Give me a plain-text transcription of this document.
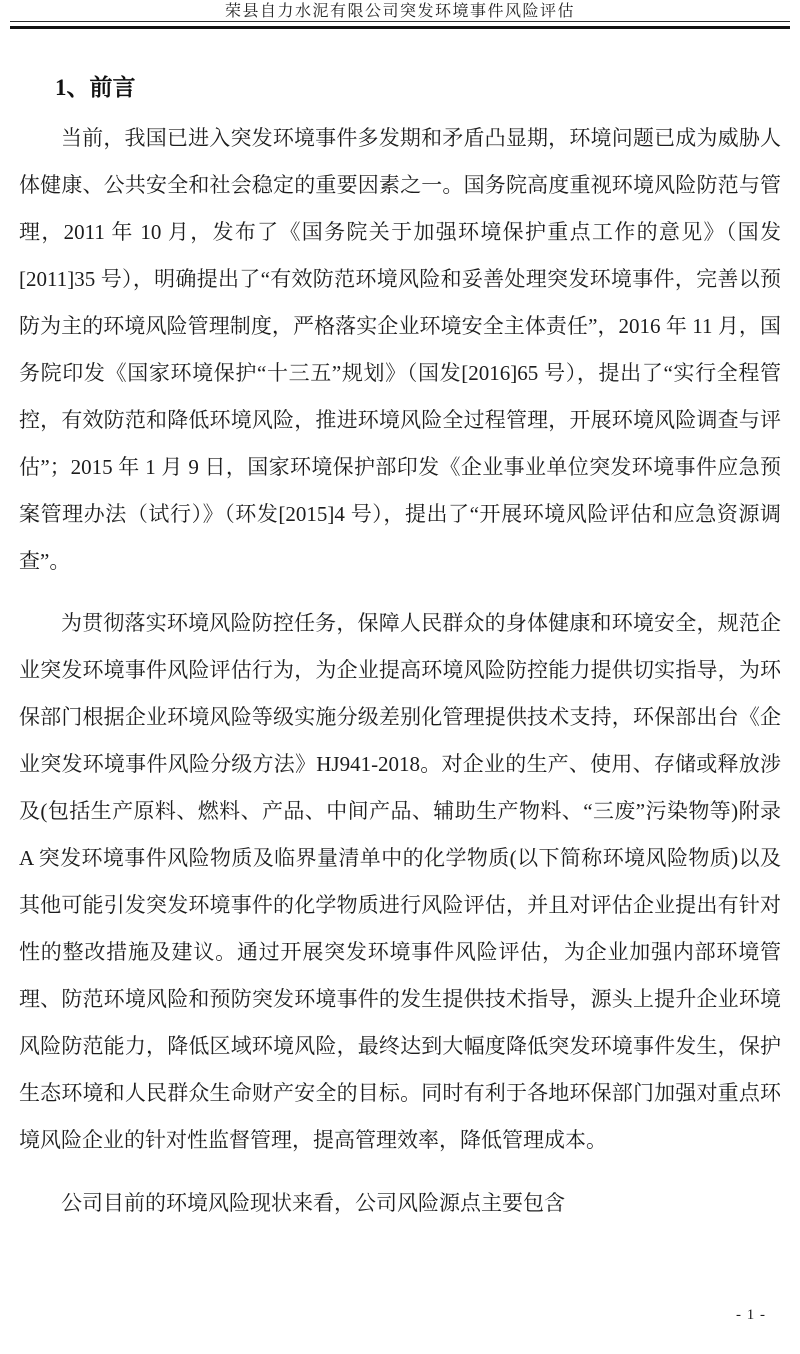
荣县自力水泥有限公司突发环境事件风险评估
1、前言

当前，我国已进入突发环境事件多发期和矛盾凸显期，环境问题已成为威胁人体健康、公共安全和社会稳定的重要因素之一。国务院高度重视环境风险防范与管理，2011 年 10 月，发布了《国务院关于加强环境保护重点工作的意见》（国发[2011]35 号），明确提出了“有效防范环境风险和妥善处理突发环境事件，完善以预防为主的环境风险管理制度，严格落实企业环境安全主体责任”，2016 年 11 月，国务院印发《国家环境保护“十三五”规划》（国发[2016]65 号），提出了“实行全程管控，有效防范和降低环境风险，推进环境风险全过程管理，开展环境风险调查与评估”；2015 年 1 月 9 日，国家环境保护部印发《企业事业单位突发环境事件应急预案管理办法（试行）》（环发[2015]4 号），提出了“开展环境风险评估和应急资源调查”。

为贯彻落实环境风险防控任务，保障人民群众的身体健康和环境安全，规范企业突发环境事件风险评估行为，为企业提高环境风险防控能力提供切实指导，为环保部门根据企业环境风险等级实施分级差别化管理提供技术支持，环保部出台《企业突发环境事件风险分级方法》HJ941-2018。对企业的生产、使用、存储或释放涉及(包括生产原料、燃料、产品、中间产品、辅助生产物料、“三废”污染物等)附录 A 突发环境事件风险物质及临界量清单中的化学物质(以下简称环境风险物质)以及其他可能引发突发环境事件的化学物质进行风险评估，并且对评估企业提出有针对性的整改措施及建议。通过开展突发环境事件风险评估，为企业加强内部环境管理、防范环境风险和预防突发环境事件的发生提供技术指导，源头上提升企业环境风险防范能力，降低区域环境风险，最终达到大幅度降低突发环境事件发生，保护生态环境和人民群众生命财产安全的目标。同时有利于各地环保部门加强对重点环境风险企业的针对性监督管理，提高管理效率，降低管理成本。

公司目前的环境风险现状来看，公司风险源点主要包含

- 1 -
